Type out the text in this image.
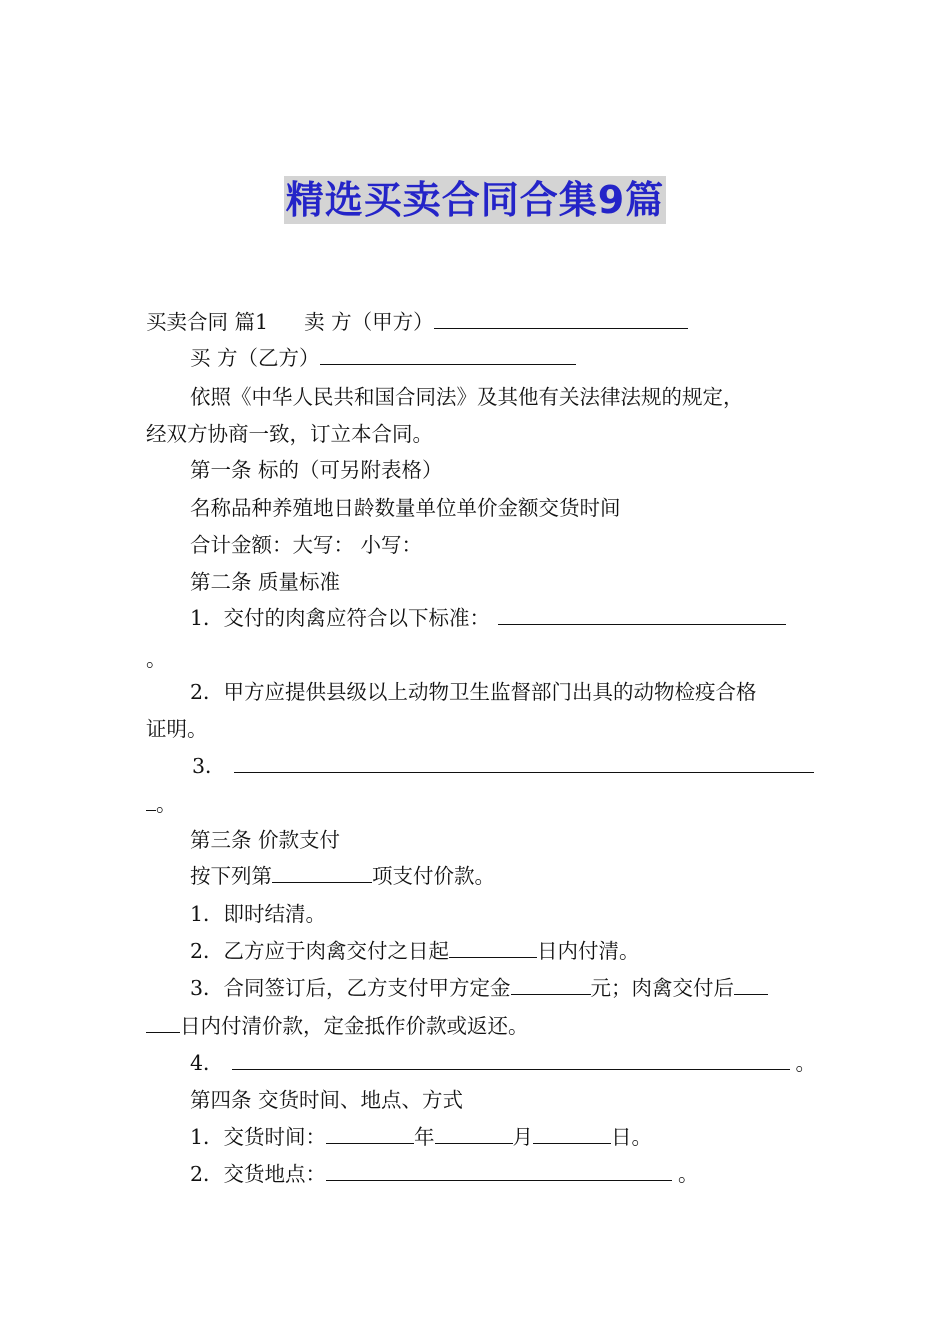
精选买卖合同合集9篇
买卖合同 篇1 卖 方（甲方）
买 方（乙方）
依照《中华人民共和国合同法》及其他有关法律法规的规定，
经双方协商一致，订立本合同。
第一条 标的（可另附表格）
名称品种养殖地日龄数量单位单价金额交货时间
合计金额：大写： 小写：
第二条 质量标准
1．交付的肉禽应符合以下标准：
。
2．甲方应提供县级以上动物卫生监督部门出具的动物检疫合格
证明。
3．
。
第三条 价款支付
按下列第	项支付价款。
1．即时结清。
2．乙方应于肉禽交付之日起	日内付清。
3．合同签订后，乙方支付甲方定金	元；肉禽交付后
日内付清价款，定金抵作价款或返还。
4．	。
第四条 交货时间、地点、方式
1．交货时间：	年	月	日。
2．交货地点：	。
